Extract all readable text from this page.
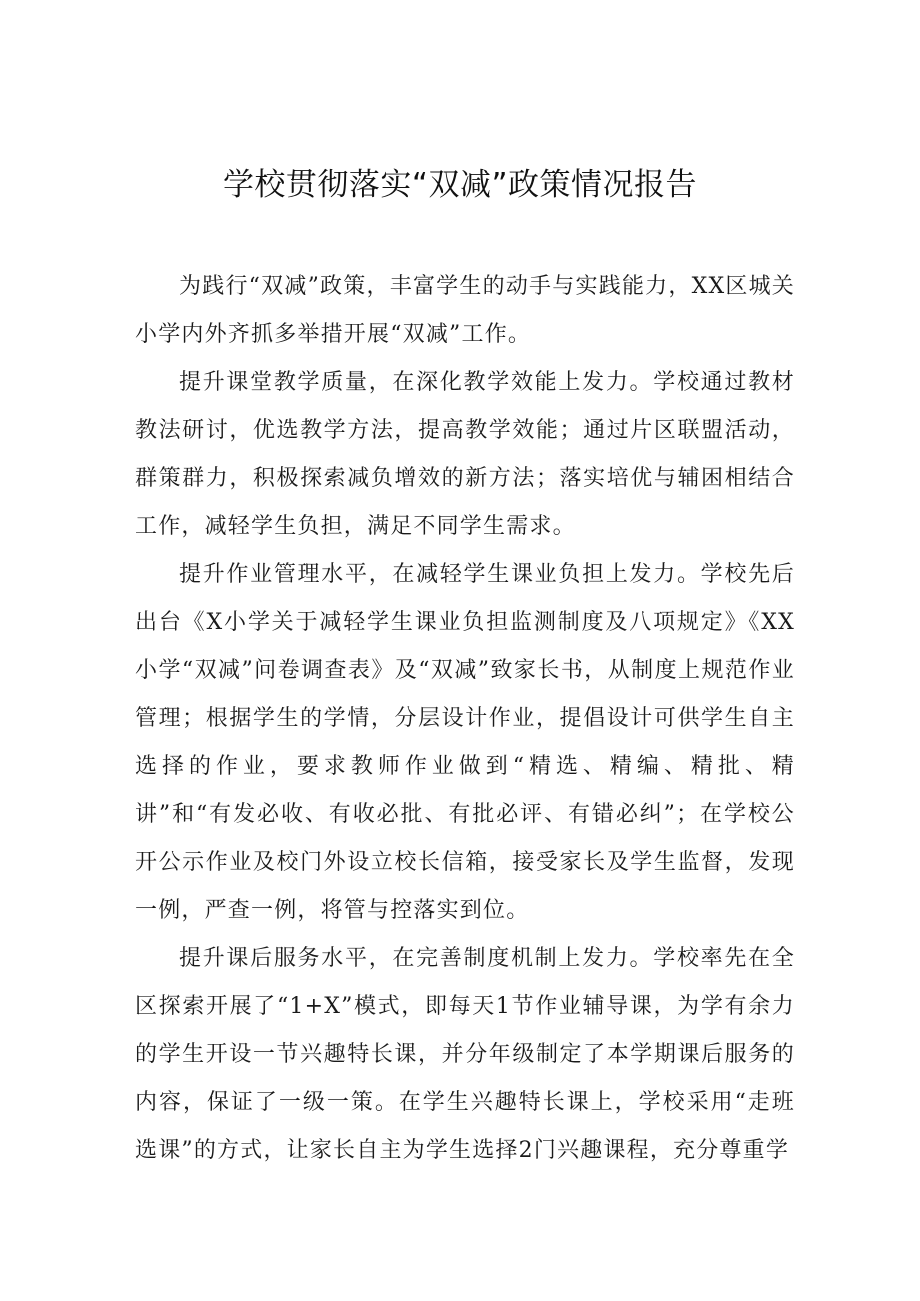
学校贯彻落实“双减”政策情况报告

为践行“双减”政策，丰富学生的动手与实践能力，XX区城关小学内外齐抓多举措开展“双减”工作。

提升课堂教学质量，在深化教学效能上发力。学校通过教材教法研讨，优选教学方法，提高教学效能；通过片区联盟活动，群策群力，积极探索减负增效的新方法；落实培优与辅困相结合工作，减轻学生负担，满足不同学生需求。

提升作业管理水平，在减轻学生课业负担上发力。学校先后出台《X小学关于减轻学生课业负担监测制度及八项规定》《XX小学“双减”问卷调查表》及“双减”致家长书，从制度上规范作业管理；根据学生的学情，分层设计作业，提倡设计可供学生自主选择的作业，要求教师作业做到“精选、精编、精批、精讲”和“有发必收、有收必批、有批必评、有错必纠”；在学校公开公示作业及校门外设立校长信箱，接受家长及学生监督，发现一例，严查一例，将管与控落实到位。

提升课后服务水平，在完善制度机制上发力。学校率先在全区探索开展了“1+X”模式，即每天1节作业辅导课，为学有余力的学生开设一节兴趣特长课，并分年级制定了本学期课后服务的内容，保证了一级一策。在学生兴趣特长课上，学校采用“走班选课”的方式，让家长自主为学生选择2门兴趣课程，充分尊重学
